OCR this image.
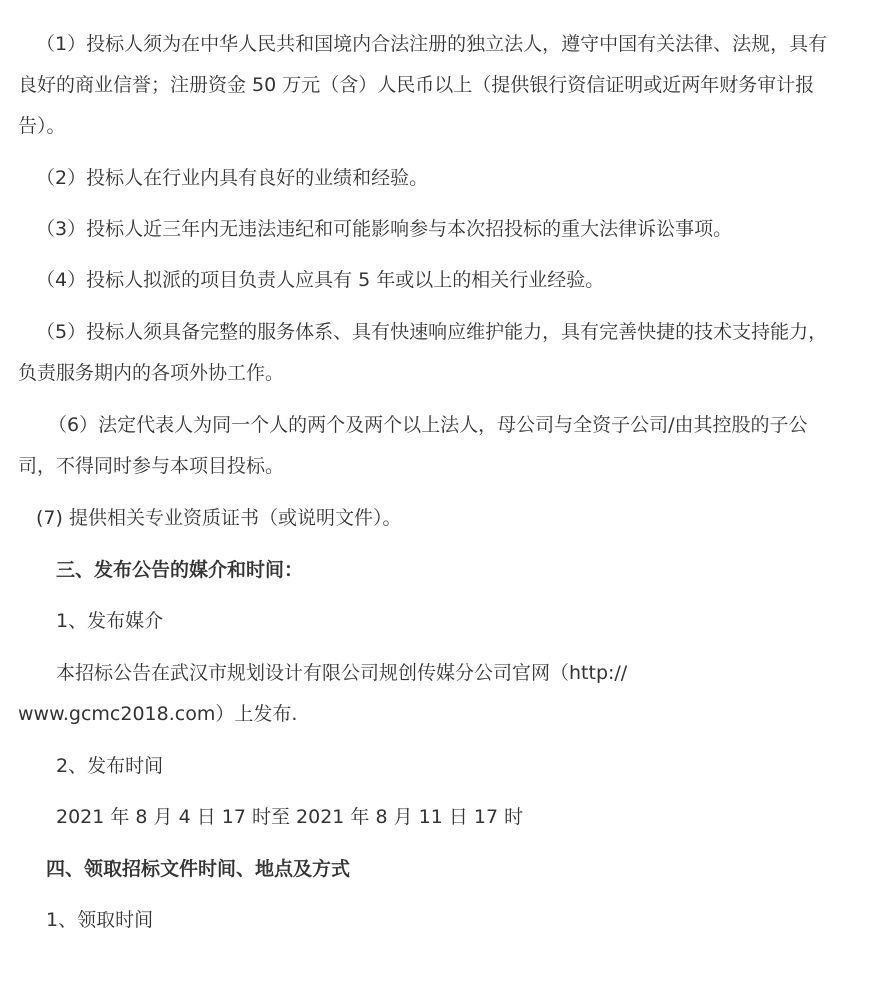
（1）投标人须为在中华人民共和国境内合法注册的独立法人，遵守中国有关法律、法规，具有

良好的商业信誉；注册资金 50 万元（含）人民币以上（提供银行资信证明或近两年财务审计报

告）。

（2）投标人在行业内具有良好的业绩和经验。

（3）投标人近三年内无违法违纪和可能影响参与本次招投标的重大法律诉讼事项。

（4）投标人拟派的项目负责人应具有 5 年或以上的相关行业经验。

（5）投标人须具备完整的服务体系、具有快速响应维护能力，具有完善快捷的技术支持能力，

负责服务期内的各项外协工作。

（6）法定代表人为同一个人的两个及两个以上法人，母公司与全资子公司/由其控股的子公

司，不得同时参与本项目投标。

(7) 提供相关专业资质证书（或说明文件）。

三、发布公告的媒介和时间：

1、发布媒介

本招标公告在武汉市规划设计有限公司规创传媒分公司官网（http://

www.gcmc2018.com）上发布.

2、发布时间

2021 年 8 月 4 日 17 时至 2021 年 8 月 11 日 17 时

四、领取招标文件时间、地点及方式

1、领取时间
